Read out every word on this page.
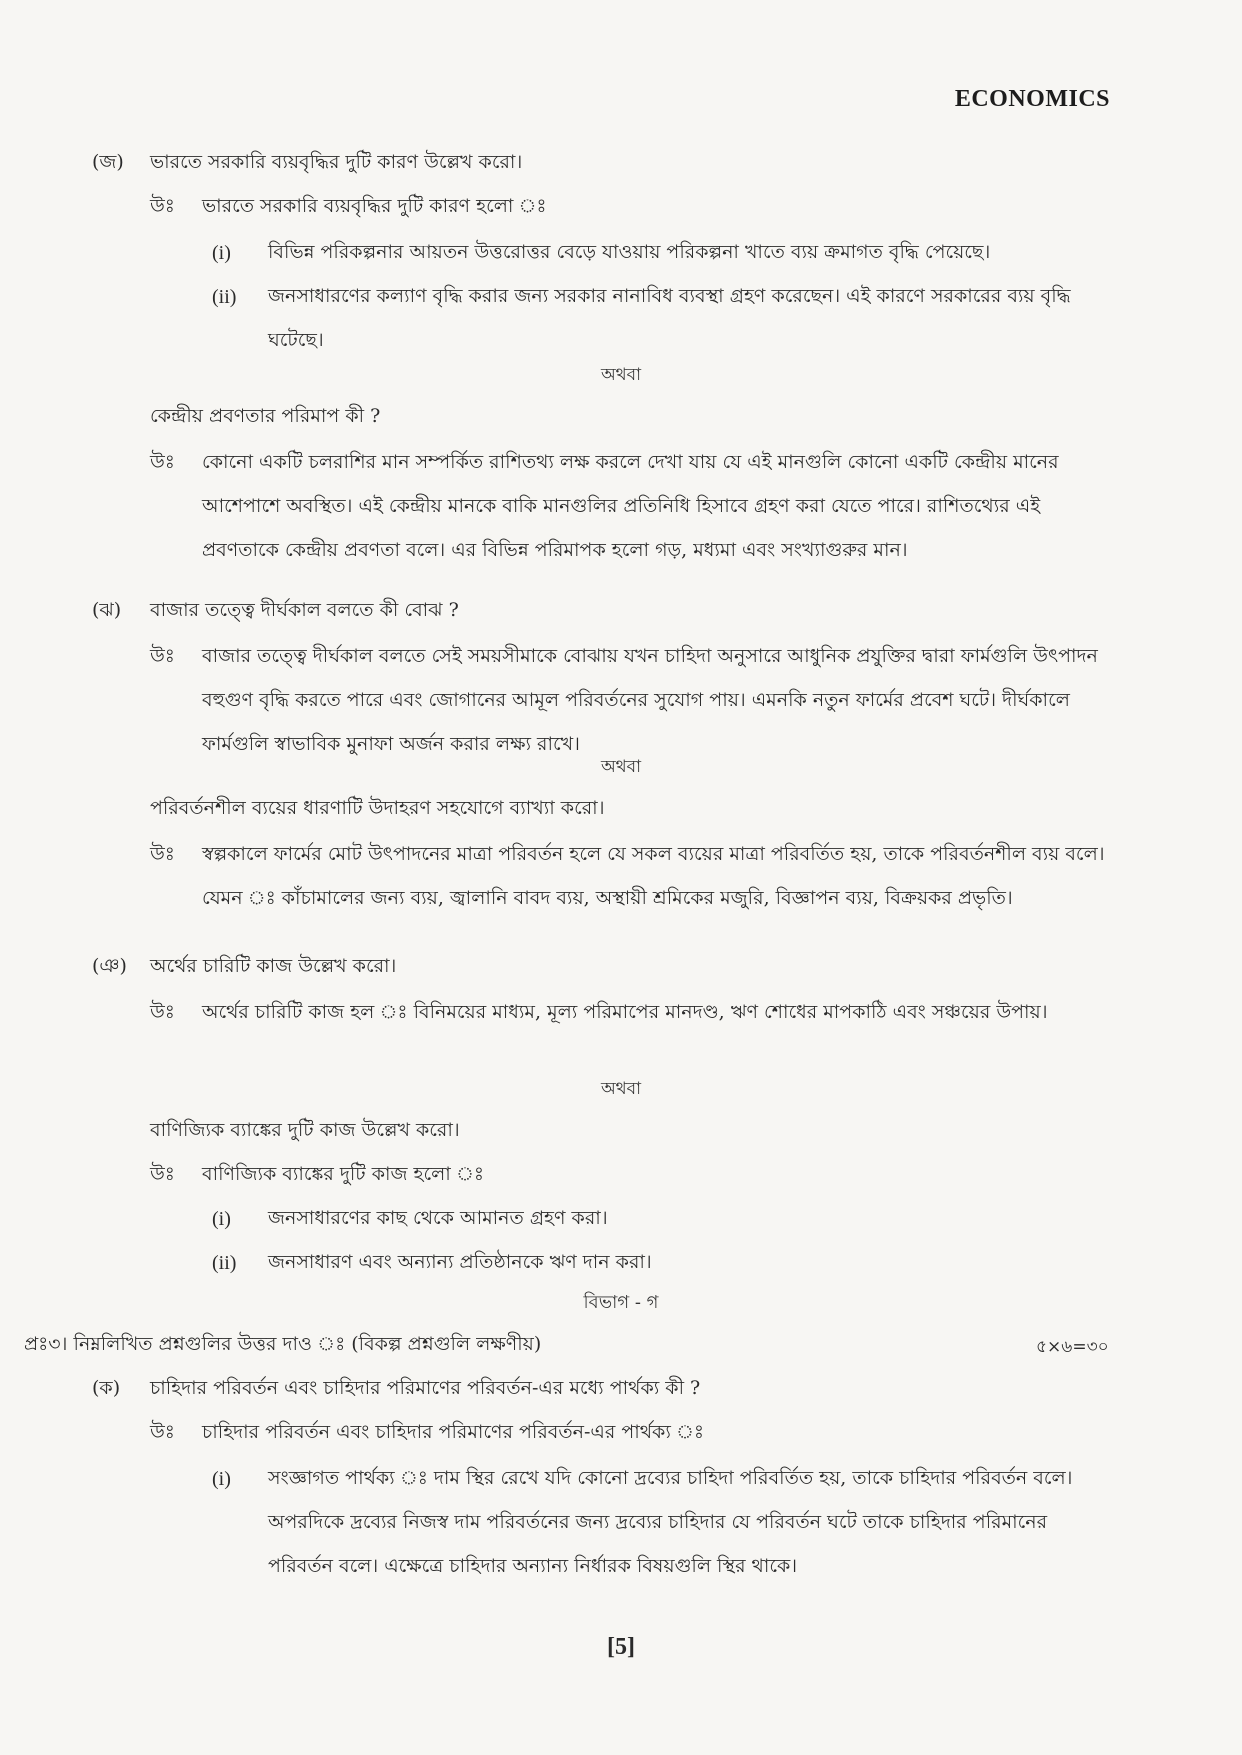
ECONOMICS
(জ) ভারতে সরকারি ব্যয়বৃদ্ধির দুটি কারণ উল্লেখ করো।
উঃ ভারতে সরকারি ব্যয়বৃদ্ধির দুটি কারণ হলো ঃ
(i) বিভিন্ন পরিকল্পনার আয়তন উত্তরোত্তর বেড়ে যাওয়ায় পরিকল্পনা খাতে ব্যয় ক্রমাগত বৃদ্ধি পেয়েছে।
(ii) জনসাধারণের কল্যাণ বৃদ্ধি করার জন্য সরকার নানাবিধ ব্যবস্থা গ্রহণ করেছেন। এই কারণে সরকারের ব্যয় বৃদ্ধি ঘটেছে।
অথবা
কেন্দ্রীয় প্রবণতার পরিমাপ কী ?
উঃ	কোনো একটি চলরাশির মান সম্পর্কিত রাশিতথ্য লক্ষ করলে দেখা যায় যে এই মানগুলি কোনো একটি কেন্দ্রীয় মানের আশেপাশে অবস্থিত। এই কেন্দ্রীয় মানকে বাকি মানগুলির প্রতিনিধি হিসাবে গ্রহণ করা যেতে পারে। রাশিতথ্যের এই প্রবণতাকে কেন্দ্রীয় প্রবণতা বলে। এর বিভিন্ন পরিমাপক হলো গড়, মধ্যমা এবং সংখ্যাগুরুর মান।
(ঝ) বাজার তত্ত্বে দীর্ঘকাল বলতে কী বোঝ ?
উঃ	বাজার তত্ত্বে দীর্ঘকাল বলতে সেই সময়সীমাকে বোঝায় যখন চাহিদা অনুসারে আধুনিক প্রযুক্তির দ্বারা ফার্মগুলি উৎপাদন বহুগুণ বৃদ্ধি করতে পারে এবং জোগানের আমূল পরিবর্তনের সুযোগ পায়। এমনকি নতুন ফার্মের প্রবেশ ঘটে। দীর্ঘকালে ফার্মগুলি স্বাভাবিক মুনাফা অর্জন করার লক্ষ্য রাখে।
অথবা
পরিবর্তনশীল ব্যয়ের ধারণাটি উদাহরণ সহযোগে ব্যাখ্যা করো।
উঃ	স্বল্পকালে ফার্মের মোট উৎপাদনের মাত্রা পরিবর্তন হলে যে সকল ব্যয়ের মাত্রা পরিবর্তিত হয়, তাকে পরিবর্তনশীল ব্যয় বলে। যেমন ঃ কাঁচামালের জন্য ব্যয়, জ্বালানি বাবদ ব্যয়, অস্থায়ী শ্রমিকের মজুরি, বিজ্ঞাপন ব্যয়, বিক্রয়কর প্রভৃতি।
(ঞ) অর্থের চারিটি কাজ উল্লেখ করো।
উঃ	অর্থের চারিটি কাজ হল ঃ বিনিময়ের মাধ্যম, মূল্য পরিমাপের মানদণ্ড, ঋণ শোধের মাপকাঠি এবং সঞ্চয়ের উপায়।
অথবা
বাণিজ্যিক ব্যাঙ্কের দুটি কাজ উল্লেখ করো।
উঃ বাণিজ্যিক ব্যাঙ্কের দুটি কাজ হলো ঃ
(i) জনসাধারণের কাছ থেকে আমানত গ্রহণ করা।
(ii) জনসাধারণ এবং অন্যান্য প্রতিষ্ঠানকে ঋণ দান করা।
বিভাগ - গ
প্রঃ৩। নিম্নলিখিত প্রশ্নগুলির উত্তর দাও ঃ (বিকল্প প্রশ্নগুলি লক্ষণীয়)	৫×৬=৩০
(ক) চাহিদার পরিবর্তন এবং চাহিদার পরিমাণের পরিবর্তন-এর মধ্যে পার্থক্য কী ?
উঃ চাহিদার পরিবর্তন এবং চাহিদার পরিমাণের পরিবর্তন-এর পার্থক্য ঃ
(i) সংজ্ঞাগত পার্থক্য ঃ দাম স্থির রেখে যদি কোনো দ্রব্যের চাহিদা পরিবর্তিত হয়, তাকে চাহিদার পরিবর্তন বলে। অপরদিকে দ্রব্যের নিজস্ব দাম পরিবর্তনের জন্য দ্রব্যের চাহিদার যে পরিবর্তন ঘটে তাকে চাহিদার পরিমানের পরিবর্তন বলে। এক্ষেত্রে চাহিদার অন্যান্য নির্ধারক বিষয়গুলি স্থির থাকে।
[5]
